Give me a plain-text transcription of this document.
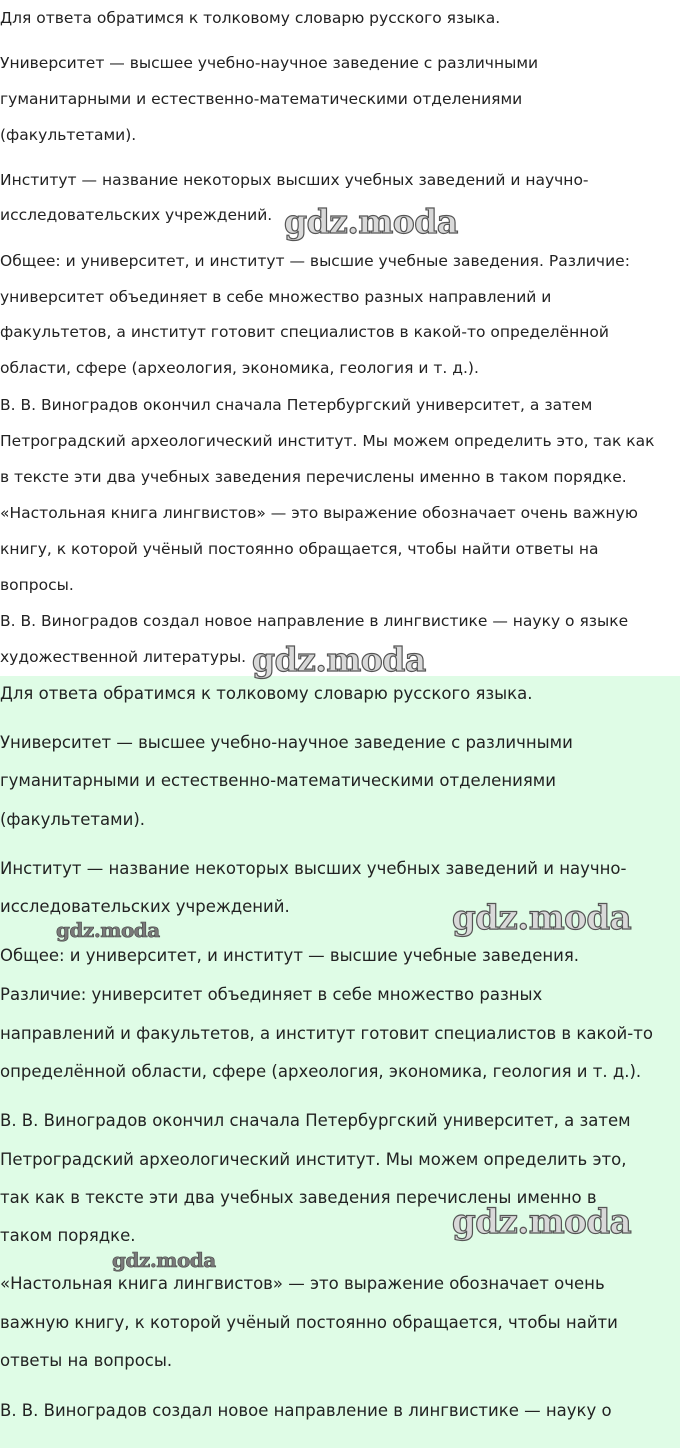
Для ответа обратимся к толковому словарю русского языка.
Университет — высшее учебно-научное заведение с различными
гуманитарными и естественно-математическими отделениями
(факультетами).
Институт — название некоторых высших учебных заведений и научно-
исследовательских учреждений.
Общее: и университет, и институт — высшие учебные заведения. Различие:
университет объединяет в себе множество разных направлений и
факультетов, а институт готовит специалистов в какой-то определённой
области, сфере (археология, экономика, геология и т. д.).
В. В. Виноградов окончил сначала Петербургский университет, а затем
Петроградский археологический институт. Мы можем определить это, так как
в тексте эти два учебных заведения перечислены именно в таком порядке.
«Настольная книга лингвистов» — это выражение обозначает очень важную
книгу, к которой учёный постоянно обращается, чтобы найти ответы на
вопросы.
В. В. Виноградов создал новое направление в лингвистике — науку о языке
художественной литературы.
Для ответа обратимся к толковому словарю русского языка.
Университет — высшее учебно-научное заведение с различными
гуманитарными и естественно-математическими отделениями
(факультетами).
Институт — название некоторых высших учебных заведений и научно-
исследовательских учреждений.
Общее: и университет, и институт — высшие учебные заведения.
Различие: университет объединяет в себе множество разных
направлений и факультетов, а институт готовит специалистов в какой-то
определённой области, сфере (археология, экономика, геология и т. д.).
В. В. Виноградов окончил сначала Петербургский университет, а затем
Петроградский археологический институт. Мы можем определить это,
так как в тексте эти два учебных заведения перечислены именно в
таком порядке.
«Настольная книга лингвистов» — это выражение обозначает очень
важную книгу, к которой учёный постоянно обращается, чтобы найти
ответы на вопросы.
В. В. Виноградов создал новое направление в лингвистике — науку о
gdz.moda
gdz.moda
gdz.moda
gdz.moda
gdz.moda
gdz.moda
